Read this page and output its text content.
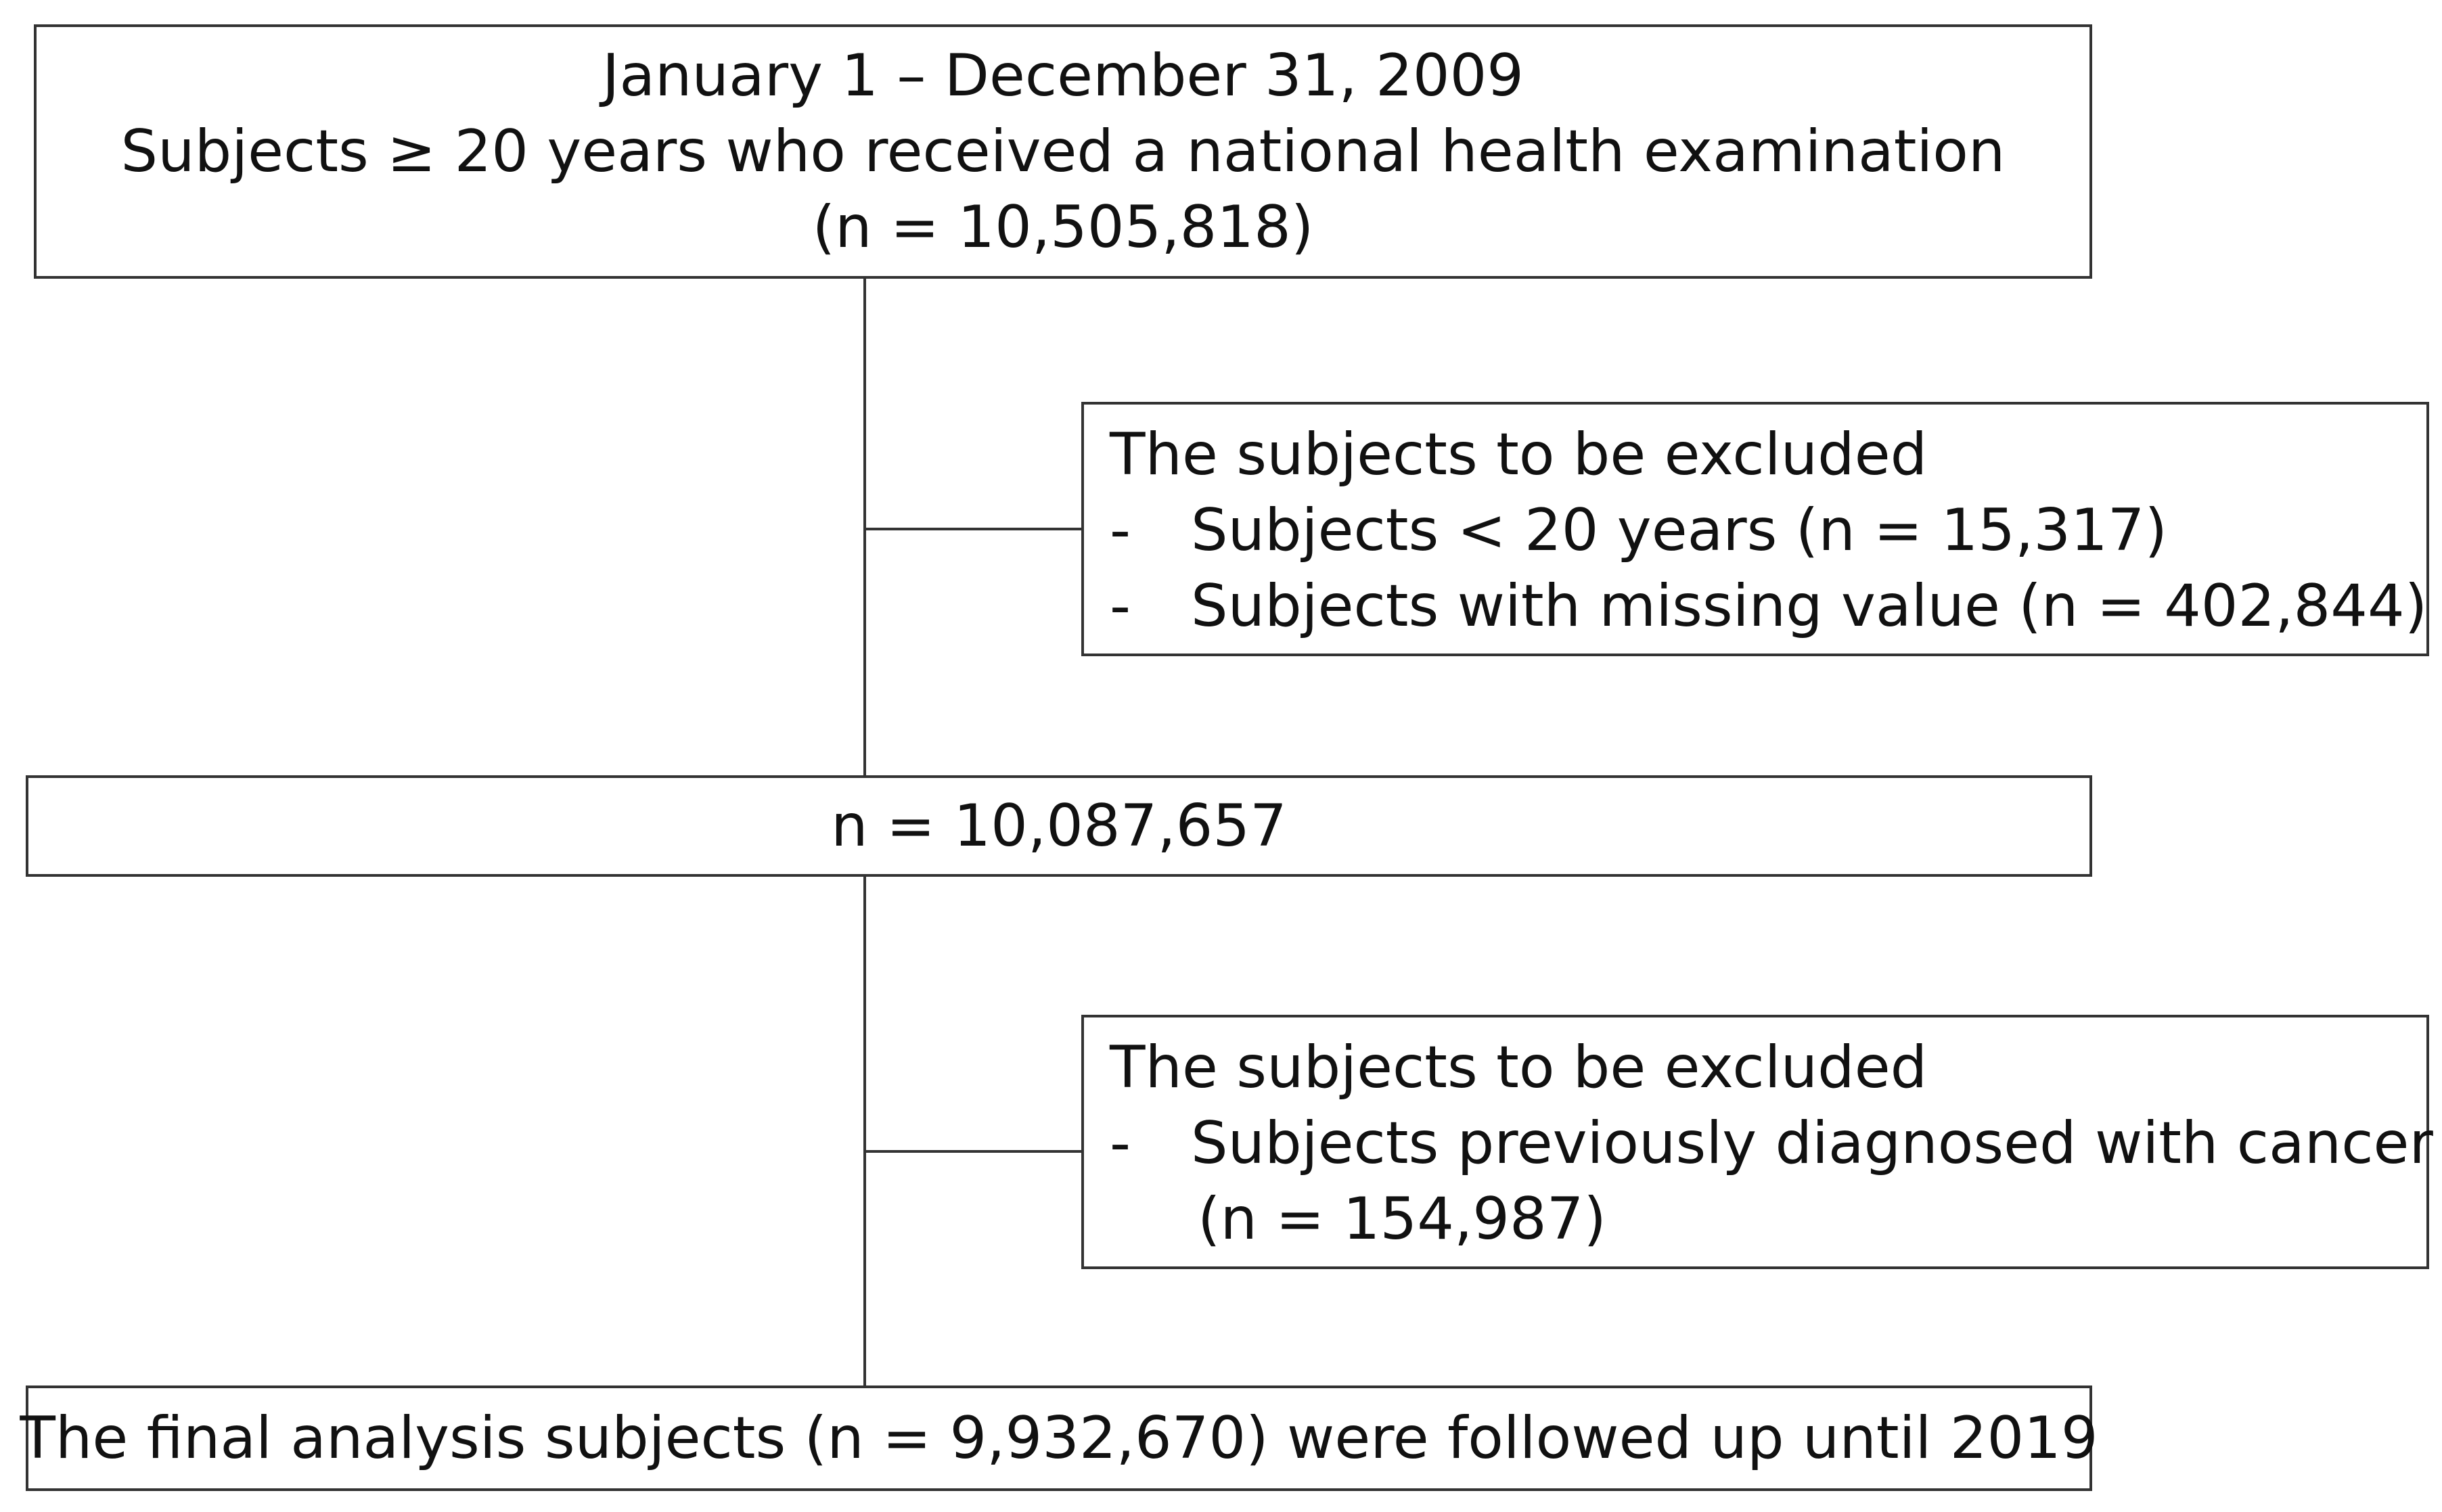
January 1 – December 31, 2009
Subjects ≥ 20 years who received a national health examination
(n = 10,505,818)
The subjects to be excluded
-	Subjects < 20 years (n = 15,317)
-	Subjects with missing value (n = 402,844)
n = 10,087,657
The subjects to be excluded
-	Subjects previously diagnosed with cancer
(n = 154,987)
The final analysis subjects (n = 9,932,670) were followed up until 2019
